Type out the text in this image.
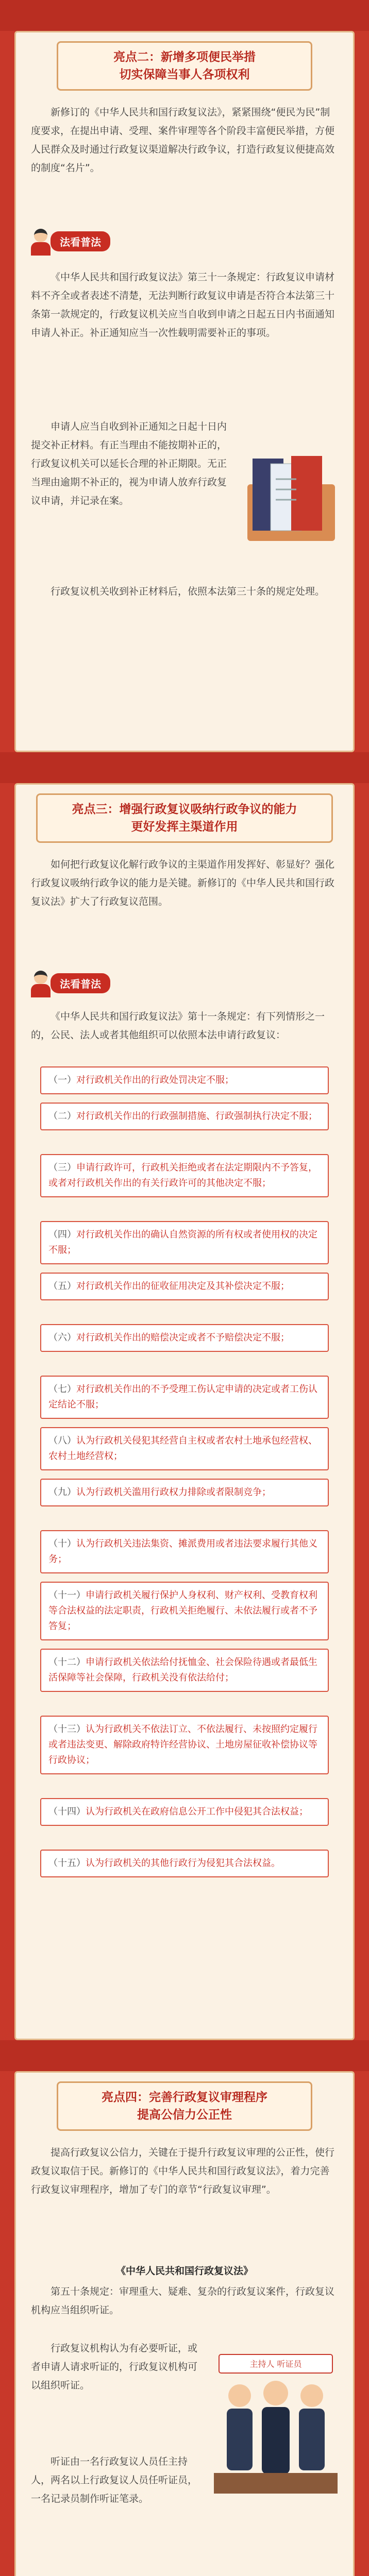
亮点二：新增多项便民举措
切实保障当事人各项权利

新修订的《中华人民共和国行政复议法》，紧紧围绕“便民为民”制度要求，在提出申请、受理、案件审理等各个阶段丰富便民举措，方便人民群众及时通过行政复议渠道解决行政争议，打造行政复议便捷高效的制度“名片”。

法看普法

《中华人民共和国行政复议法》第三十一条规定：行政复议申请材料不齐全或者表述不清楚，无法判断行政复议申请是否符合本法第三十条第一款规定的，行政复议机关应当自收到申请之日起五日内书面通知申请人补正。补正通知应当一次性载明需要补正的事项。

申请人应当自收到补正通知之日起十日内提交补正材料。有正当理由不能按期补正的，行政复议机关可以延长合理的补正期限。无正当理由逾期不补正的，视为申请人放弃行政复议申请，并记录在案。

行政复议机关收到补正材料后，依照本法第三十条的规定处理。

亮点三：增强行政复议吸纳行政争议的能力
更好发挥主渠道作用

如何把行政复议化解行政争议的主渠道作用发挥好、彰显好？强化行政复议吸纳行政争议的能力是关键。新修订的《中华人民共和国行政复议法》扩大了行政复议范围。

法看普法

《中华人民共和国行政复议法》第十一条规定：有下列情形之一的，公民、法人或者其他组织可以依照本法申请行政复议：

（一）对行政机关作出的行政处罚决定不服；
（二）对行政机关作出的行政强制措施、行政强制执行决定不服；
（三）申请行政许可，行政机关拒绝或者在法定期限内不予答复，或者对行政机关作出的有关行政许可的其他决定不服；
（四）对行政机关作出的确认自然资源的所有权或者使用权的决定不服；
（五）对行政机关作出的征收征用决定及其补偿决定不服；
（六）对行政机关作出的赔偿决定或者不予赔偿决定不服；
（七）对行政机关作出的不予受理工伤认定申请的决定或者工伤认定结论不服；
（八）认为行政机关侵犯其经营自主权或者农村土地承包经营权、农村土地经营权；
（九）认为行政机关滥用行政权力排除或者限制竞争；
（十）认为行政机关违法集资、摊派费用或者违法要求履行其他义务；
（十一）申请行政机关履行保护人身权利、财产权利、受教育权利等合法权益的法定职责，行政机关拒绝履行、未依法履行或者不予答复；
（十二）申请行政机关依法给付抚恤金、社会保险待遇或者最低生活保障等社会保障，行政机关没有依法给付；
（十三）认为行政机关不依法订立、不依法履行、未按照约定履行或者违法变更、解除政府特许经营协议、土地房屋征收补偿协议等行政协议；
（十四）认为行政机关在政府信息公开工作中侵犯其合法权益；
（十五）认为行政机关的其他行政行为侵犯其合法权益。
亮点四：完善行政复议审理程序
提高公信力公正性

提高行政复议公信力，关键在于提升行政复议审理的公正性，使行政复议取信于民。新修订的《中华人民共和国行政复议法》，着力完善行政复议审理程序，增加了专门的章节“行政复议审理”。

《中华人民共和国行政复议法》

第五十条规定：审理重大、疑难、复杂的行政复议案件，行政复议机构应当组织听证。

行政复议机构认为有必要听证，或者申请人请求听证的，行政复议机构可以组织听证。

听证由一名行政复议人员任主持人，两名以上行政复议人员任听证员，一名记录员制作听证笔录。

主持人 听证员
